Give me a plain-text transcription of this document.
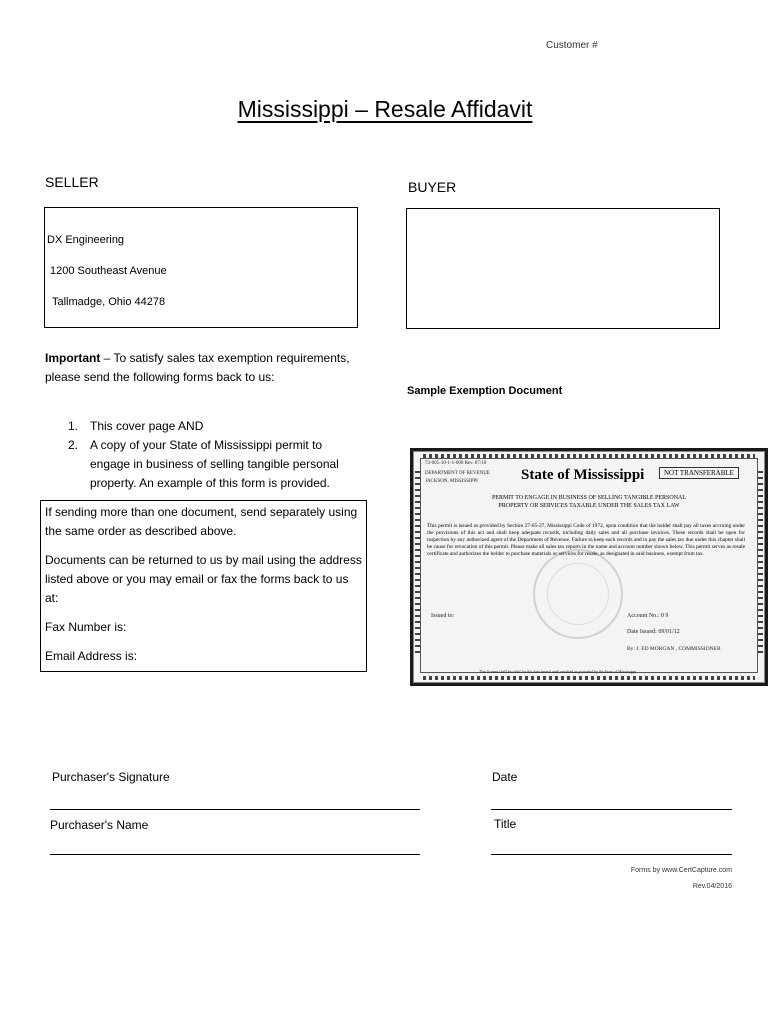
Customer #
Mississippi – Resale Affidavit
SELLER
DX Engineering
1200 Southeast Avenue
Tallmadge, Ohio 44278
BUYER
Important – To satisfy sales tax exemption requirements, please send the following forms back to us:
1. This cover page AND
2. A copy of your State of Mississippi permit to engage in business of selling tangible personal property. An example of this form is provided.

If sending more than one document, send separately using the same order as described above.

Documents can be returned to us by mail using the address listed above or you may email or fax the forms back to us at:

Fax Number is:

Email Address is:

Sample Exemption Document
72-005-10-1-1-000 Rev. 07/10
DEPARTMENT OF REVENUE
JACKSON, MISSISSIPPI	State of Mississippi	NOT TRANSFERABLE
PERMIT TO ENGAGE IN BUSINESS OF SELLING TANGIBLE PERSONAL
PROPERTY OR SERVICES TAXABLE UNDER THE SALES TAX LAW
This permit is issued as provided by Section 27-65-27, Mississippi Code of 1972, upon condition that the holder shall pay all taxes accruing under the provisions of this act and shall keep adequate records, including daily sales and all purchase invoices. These records shall be open for inspection by any authorized agent of the Department of Revenue. Failure to keep such records and to pay the sales tax due under this chapter shall be cause for revocation of this permit. Please make all sales tax reports in the name and account number shown below. This permit serves as resale certificate and authorizes the holder to purchase materials or services for resale, as designated in said business, exempt from tax.
Issued to:	Account No.: 0 9
Date Issued: 09/01/12
By: J. ED MORGAN , COMMISSIONER
This license shall be valid for the date hereof until revoked as provided by the State of Mississippi
Purchaser's Signature	Date
Purchaser's Name	Title
Forms by www.CertCapture.com
Rev.04/2016
